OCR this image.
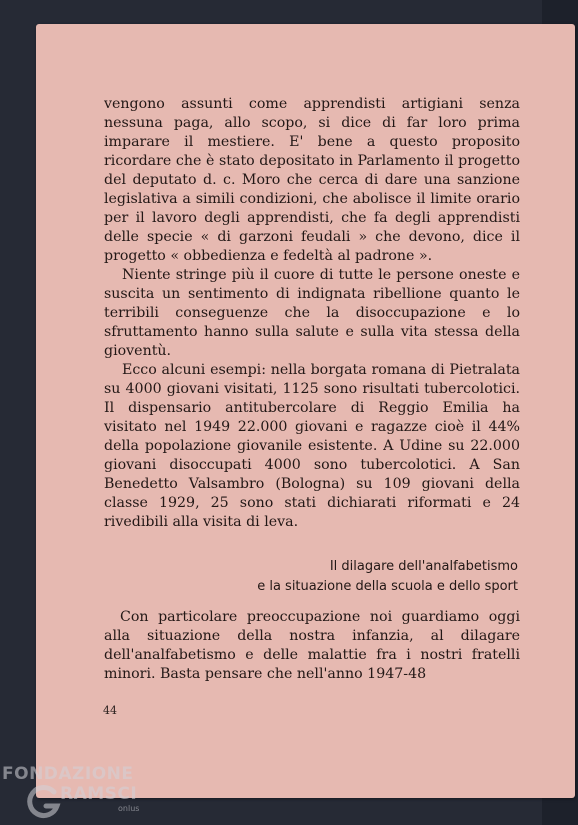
vengono assunti come apprendisti artigiani senza nessuna paga, allo scopo, si dice di far loro prima imparare il mestiere. E' bene a questo proposito ricordare che è stato depositato in Parlamento il progetto del deputato d. c. Moro che cerca di dare una sanzione legislativa a simili condizioni, che abolisce il limite orario per il lavoro degli apprendisti, che fa degli apprendisti delle specie « di garzoni feudali » che devono, dice il progetto « obbedienza e fedeltà al padrone ».

Niente stringe più il cuore di tutte le persone oneste e suscita un sentimento di indignata ribellione quanto le terribili conseguenze che la disoccupazione e lo sfruttamento hanno sulla salute e sulla vita stessa della gioventù.

Ecco alcuni esempi: nella borgata romana di Pietralata su 4000 giovani visitati, 1125 sono risultati tubercolotici. Il dispensario antitubercolare di Reggio Emilia ha visitato nel 1949 22.000 giovani e ragazze cioè il 44% della popolazione giovanile esistente. A Udine su 22.000 giovani disoccupati 4000 sono tubercolotici. A San Benedetto Valsambro (Bologna) su 109 giovani della classe 1929, 25 sono stati dichiarati riformati e 24 rivedibili alla visita di leva.

Il dilagare dell'analfabetismo
e la situazione della scuola e dello sport

Con particolare preoccupazione noi guardiamo oggi alla situazione della nostra infanzia, al dilagare dell'analfabetismo e delle malattie fra i nostri fratelli minori. Basta pensare che nell'anno 1947-48

44
FONDAZIONE
RAMSCI
onlus
